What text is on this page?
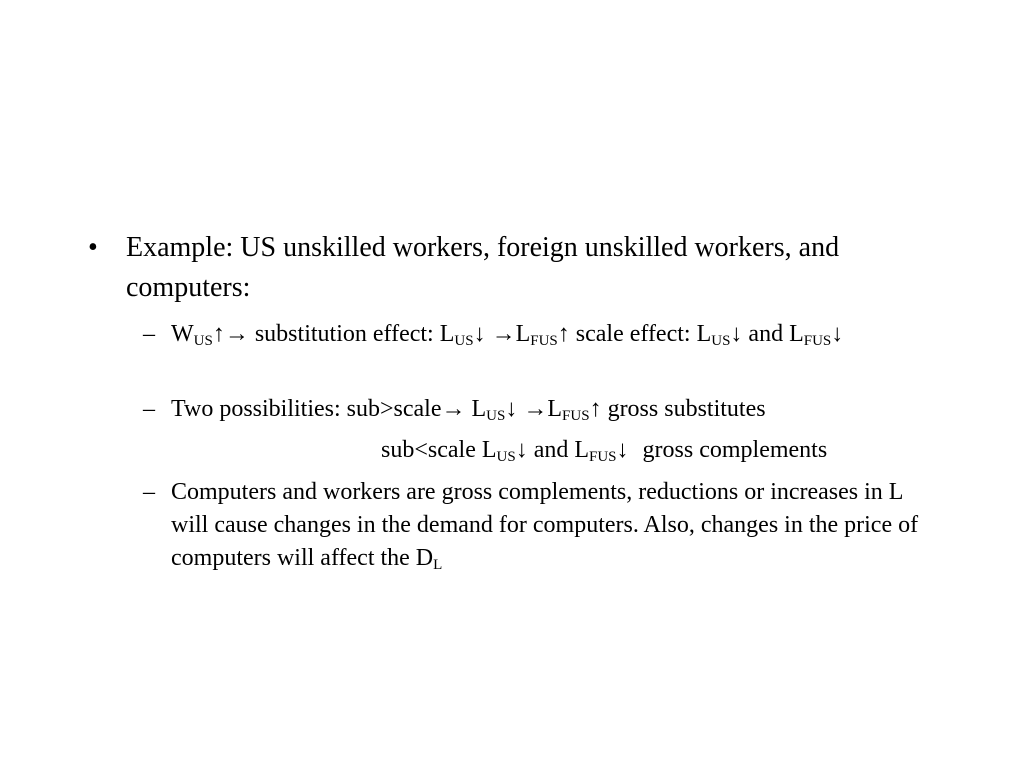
• Example: US unskilled workers, foreign unskilled workers, and computers:
– $W_{US}↑\to$ substitution effect: $L_{US}↓$ $\to L_{FUS}↑$ scale effect: $L_{US}↓$ and $L_{FUS}↓$
– Two possibilities: sub>scale→ $L_{US}↓$ $\to L_{FUS}↑$ gross substitutes
sub<scale $L_{US}↓$ and $L_{FUS}↓$ gross complements
– Computers and workers are gross complements, reductions or increases in L will cause changes in the demand for computers. Also, changes in the price of computers will affect the $D_L$
